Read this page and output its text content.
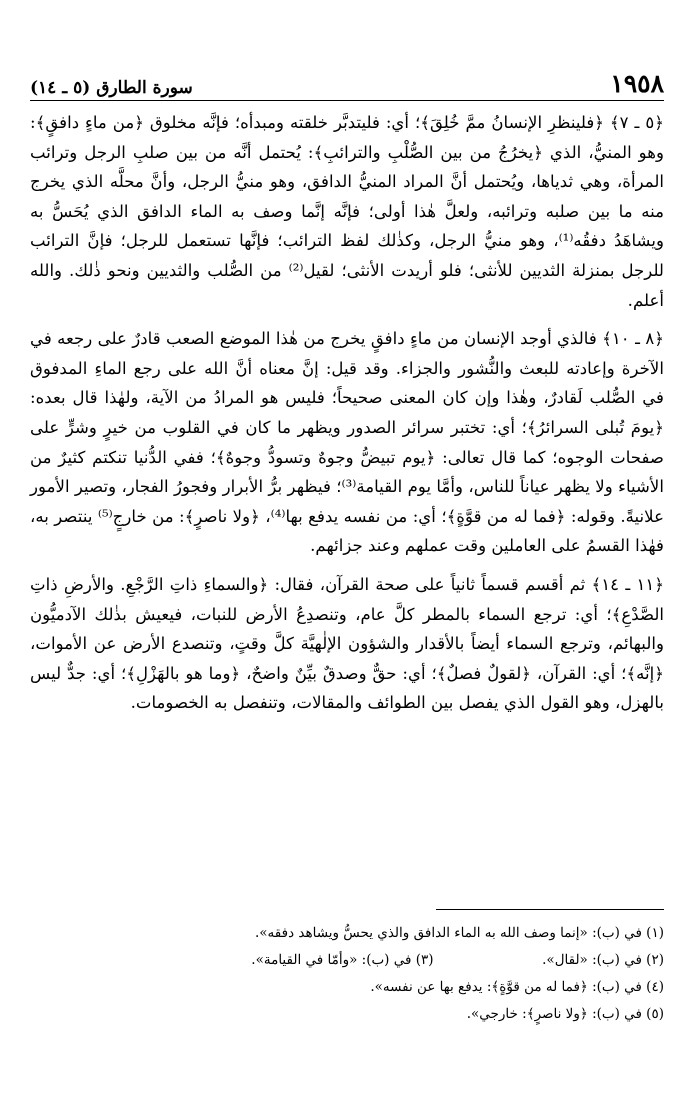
سورة الطارق (٥ ـ ١٤)	١٩٥٨

﴿٥ ـ ٧﴾ ﴿فلينظرِ الإنسانُ ممَّ خُلِقَ﴾؛ أي: فليتدبَّر خلقته ومبدأه؛ فإنَّه مخلوق ﴿من ماءٍ دافقٍ﴾: وهو المنيُّ، الذي ﴿يخرُجُ من بين الصُّلْبِ والترائبِ﴾: يُحتمل أنَّه من بين صلبِ الرجل وترائب المرأة، وهي ثدياها، ويُحتمل أنَّ المراد المنيُّ الدافق، وهو منيُّ الرجل، وأنَّ محلَّه الذي يخرج منه ما بين صلبه وترائبه، ولعلَّ هٰذا أولى؛ فإنَّه إنَّما وصف به الماء الدافق الذي يُحَسُّ به ويشاهَدُ دفقُه⁽¹⁾، وهو منيُّ الرجل، وكذٰلك لفظ الترائب؛ فإنَّها تستعمل للرجل؛ فإنَّ الترائب للرجل بمنزلة الثديين للأنثى؛ فلو أريدت الأنثى؛ لقيل⁽²⁾ من الصُّلب والثديين ونحو ذٰلك. والله أعلم.

﴿٨ ـ ١٠﴾ فالذي أوجد الإنسان من ماءٍ دافقٍ يخرج من هٰذا الموضع الصعب قادرٌ على رجعه في الآخرة وإعادته للبعث والنُّشور والجزاء. وقد قيل: إنَّ معناه أنَّ الله على رجع الماءِ المدفوق في الصُّلب لَقادرٌ، وهٰذا وإن كان المعنى صحيحاً؛ فليس هو المرادُ من الآية، ولهٰذا قال بعده: ﴿يومَ تُبلى السرائرُ﴾؛ أي: تختبر سرائر الصدور ويظهر ما كان في القلوب من خيرٍ وشرٍّ على صفحات الوجوه؛ كما قال تعالى: ﴿يوم تبيضُّ وجوهٌ وتسودُّ وجوهٌ﴾؛ ففي الدُّنيا تنكتم كثيرٌ من الأشياء ولا يظهر عياناً للناس، وأمَّا يوم القيامة⁽³⁾؛ فيظهر برُّ الأبرار وفجورُ الفجار، وتصير الأمور علانيةً. وقوله: ﴿فما له من قوَّةٍ﴾؛ أي: من نفسه يدفع بها⁽⁴⁾، ﴿ولا ناصرٍ﴾: من خارجٍ⁽⁵⁾ ينتصر به، فهٰذا القسمُ على العاملين وقت عملهم وعند جزائهم.

﴿١١ ـ ١٤﴾ ثم أقسم قسماً ثانياً على صحة القرآن، فقال: ﴿والسماءِ ذاتِ الرَّجْعِ. والأرضِ ذاتِ الصَّدْعِ﴾؛ أي: ترجع السماء بالمطر كلَّ عام، وتنصدِعُ الأرض للنبات، فيعيش بذٰلك الآدميُّون والبهائم، وترجع السماء أيضاً بالأقدار والشؤون الإلٰهيَّة كلَّ وقتٍ، وتنصدع الأرض عن الأموات، ﴿إنَّه﴾؛ أي: القرآن، ﴿لقولٌ فصلٌ﴾؛ أي: حقٌّ وصدقٌ بيِّنٌ واضحٌ، ﴿وما هو بالهَزْلِ﴾؛ أي: جدٌّ ليس بالهزل، وهو القول الذي يفصل بين الطوائف والمقالات، وتنفصل به الخصومات.

(١) في (ب): «إنما وصف الله به الماء الدافق والذي يحسُّ ويشاهد دفقه».

(٢) في (ب): «لقال».  (٣) في (ب): «وأمّا في القيامة».

(٤) في (ب): ﴿فما له من قوَّةٍ﴾: يدفع بها عن نفسه».

(٥) في (ب): ﴿ولا ناصرٍ﴾: خارجي».
